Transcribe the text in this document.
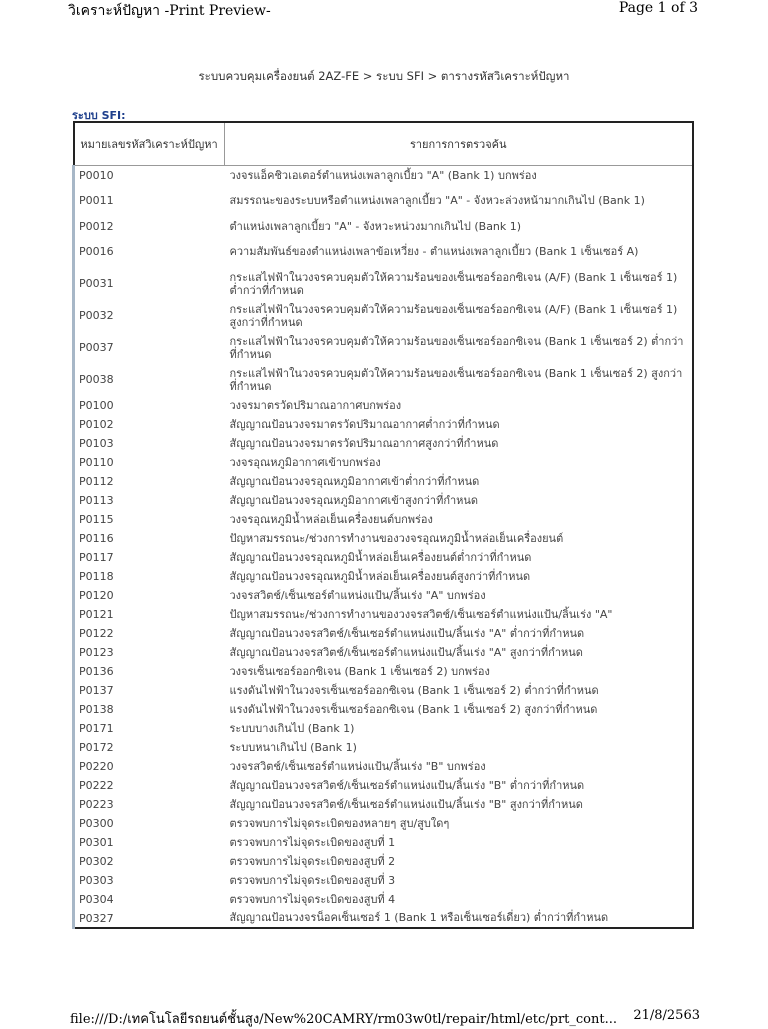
วิเคราะห์ปัญหา -Print Preview-	Page 1 of 3
ระบบควบคุมเครื่องยนต์ 2AZ-FE > ระบบ SFI > ตารางรหัสวิเคราะห์ปัญหา
ระบบ SFI:
หมายเลขรหัสวิเคราะห์ปัญหา	รายการการตรวจค้น
P0010	วงจรแอ็คชิวเอเตอร์ตำแหน่งเพลาลูกเบี้ยว "A" (Bank 1) บกพร่อง
P0011	สมรรถนะของระบบหรือตำแหน่งเพลาลูกเบี้ยว "A" - จังหวะล่วงหน้ามากเกินไป (Bank 1)
P0012	ตำแหน่งเพลาลูกเบี้ยว "A" - จังหวะหน่วงมากเกินไป (Bank 1)
P0016	ความสัมพันธ์ของตำแหน่งเพลาข้อเหวี่ยง - ตำแหน่งเพลาลูกเบี้ยว (Bank 1 เซ็นเซอร์ A)
P0031	กระแสไฟฟ้าในวงจรควบคุมตัวให้ความร้อนของเซ็นเซอร์ออกซิเจน (A/F) (Bank 1 เซ็นเซอร์ 1) ต่ำกว่าที่กำหนด
P0032	กระแสไฟฟ้าในวงจรควบคุมตัวให้ความร้อนของเซ็นเซอร์ออกซิเจน (A/F) (Bank 1 เซ็นเซอร์ 1) สูงกว่าที่กำหนด
P0037	กระแสไฟฟ้าในวงจรควบคุมตัวให้ความร้อนของเซ็นเซอร์ออกซิเจน (Bank 1 เซ็นเซอร์ 2) ต่ำกว่าที่กำหนด
P0038	กระแสไฟฟ้าในวงจรควบคุมตัวให้ความร้อนของเซ็นเซอร์ออกซิเจน (Bank 1 เซ็นเซอร์ 2) สูงกว่าที่กำหนด
P0100	วงจรมาตรวัดปริมาณอากาศบกพร่อง
P0102	สัญญาณป้อนวงจรมาตรวัดปริมาณอากาศต่ำกว่าที่กำหนด
P0103	สัญญาณป้อนวงจรมาตรวัดปริมาณอากาศสูงกว่าที่กำหนด
P0110	วงจรอุณหภูมิอากาศเข้าบกพร่อง
P0112	สัญญาณป้อนวงจรอุณหภูมิอากาศเข้าต่ำกว่าที่กำหนด
P0113	สัญญาณป้อนวงจรอุณหภูมิอากาศเข้าสูงกว่าที่กำหนด
P0115	วงจรอุณหภูมิน้ำหล่อเย็นเครื่องยนต์บกพร่อง
P0116	ปัญหาสมรรถนะ/ช่วงการทำงานของวงจรอุณหภูมิน้ำหล่อเย็นเครื่องยนต์
P0117	สัญญาณป้อนวงจรอุณหภูมิน้ำหล่อเย็นเครื่องยนต์ต่ำกว่าที่กำหนด
P0118	สัญญาณป้อนวงจรอุณหภูมิน้ำหล่อเย็นเครื่องยนต์สูงกว่าที่กำหนด
P0120	วงจรสวิตช์/เซ็นเซอร์ตำแหน่งแป้น/ลิ้นเร่ง "A" บกพร่อง
P0121	ปัญหาสมรรถนะ/ช่วงการทำงานของวงจรสวิตช์/เซ็นเซอร์ตำแหน่งแป้น/ลิ้นเร่ง "A"
P0122	สัญญาณป้อนวงจรสวิตช์/เซ็นเซอร์ตำแหน่งแป้น/ลิ้นเร่ง "A" ต่ำกว่าที่กำหนด
P0123	สัญญาณป้อนวงจรสวิตช์/เซ็นเซอร์ตำแหน่งแป้น/ลิ้นเร่ง "A" สูงกว่าที่กำหนด
P0136	วงจรเซ็นเซอร์ออกซิเจน (Bank 1 เซ็นเซอร์ 2) บกพร่อง
P0137	แรงดันไฟฟ้าในวงจรเซ็นเซอร์ออกซิเจน (Bank 1 เซ็นเซอร์ 2) ต่ำกว่าที่กำหนด
P0138	แรงดันไฟฟ้าในวงจรเซ็นเซอร์ออกซิเจน (Bank 1 เซ็นเซอร์ 2) สูงกว่าที่กำหนด
P0171	ระบบบางเกินไป (Bank 1)
P0172	ระบบหนาเกินไป (Bank 1)
P0220	วงจรสวิตช์/เซ็นเซอร์ตำแหน่งแป้น/ลิ้นเร่ง "B" บกพร่อง
P0222	สัญญาณป้อนวงจรสวิตช์/เซ็นเซอร์ตำแหน่งแป้น/ลิ้นเร่ง "B" ต่ำกว่าที่กำหนด
P0223	สัญญาณป้อนวงจรสวิตช์/เซ็นเซอร์ตำแหน่งแป้น/ลิ้นเร่ง "B" สูงกว่าที่กำหนด
P0300	ตรวจพบการไม่จุดระเบิดของหลายๆ สูบ/สูบใดๆ
P0301	ตรวจพบการไม่จุดระเบิดของสูบที่ 1
P0302	ตรวจพบการไม่จุดระเบิดของสูบที่ 2
P0303	ตรวจพบการไม่จุดระเบิดของสูบที่ 3
P0304	ตรวจพบการไม่จุดระเบิดของสูบที่ 4
P0327	สัญญาณป้อนวงจรน็อคเซ็นเซอร์ 1 (Bank 1 หรือเซ็นเซอร์เดี่ยว) ต่ำกว่าที่กำหนด
file:///D:/เทคโนโลยีรถยนต์ชั้นสูง/New%20CAMRY/rm03w0tl/repair/html/etc/prt_cont... 21/8/2563
